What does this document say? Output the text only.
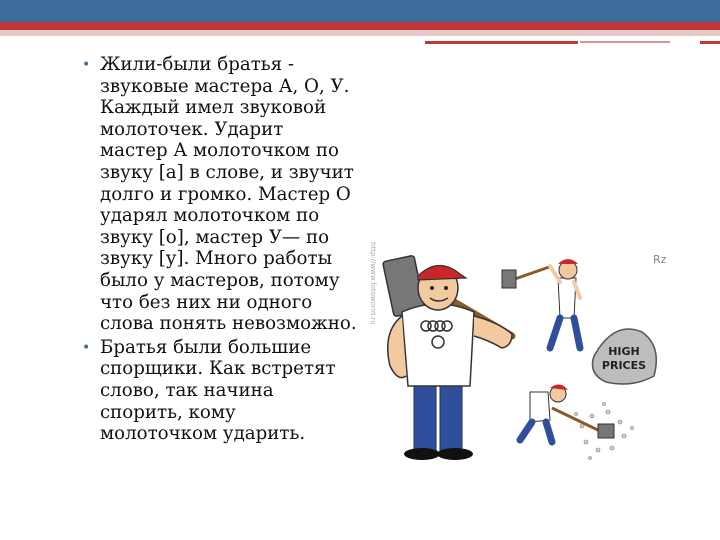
• Жили-были братья -
звуковые мастера А, О, У.
Каждый имел звуковой
молоточек. Ударит
мастер А молоточком по
звуку [а] в слове, и звучит
долго и громко. Мастер О
ударял молоточком по
звуку [о], мастер У— по
звуку [у]. Много работы
было у мастеров, потому
что без них ни одного
слова понять невозможно.
• Братья были большие
спорщики. Как встретят
слово, так начина
спорить, кому
молоточком ударить.
http://www.fotoworld.ru	Rz
HIGH
PRICES
